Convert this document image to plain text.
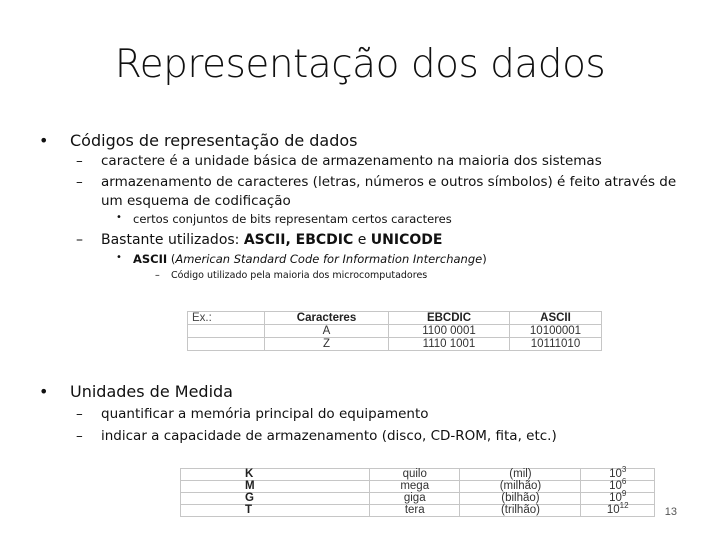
Representação dos dados
• Códigos de representação de dados
– caractere é a unidade básica de armazenamento na maioria dos sistemas
– armazenamento de caracteres (letras, números e outros símbolos) é feito através de um esquema de codificação
• certos conjuntos de bits representam certos caracteres
– Bastante utilizados: ASCII, EBCDIC e UNICODE
• ASCII (American Standard Code for Information Interchange)
– Código utilizado pela maioria dos microcomputadores
Ex.:	Caracteres	EBCDIC	ASCII
	A	1100 0001	10100001
	Z	1110 1001	10111010
• Unidades de Medida
– quantificar a memória principal do equipamento
– indicar a capacidade de armazenamento (disco, CD-ROM, fita, etc.)
K	quilo	(mil)	$10^3$
M	mega	(milhão)	$10^6$
G	giga	(bilhão)	$10^9$
T	tera	(trilhão)	$10^{12}$
13
